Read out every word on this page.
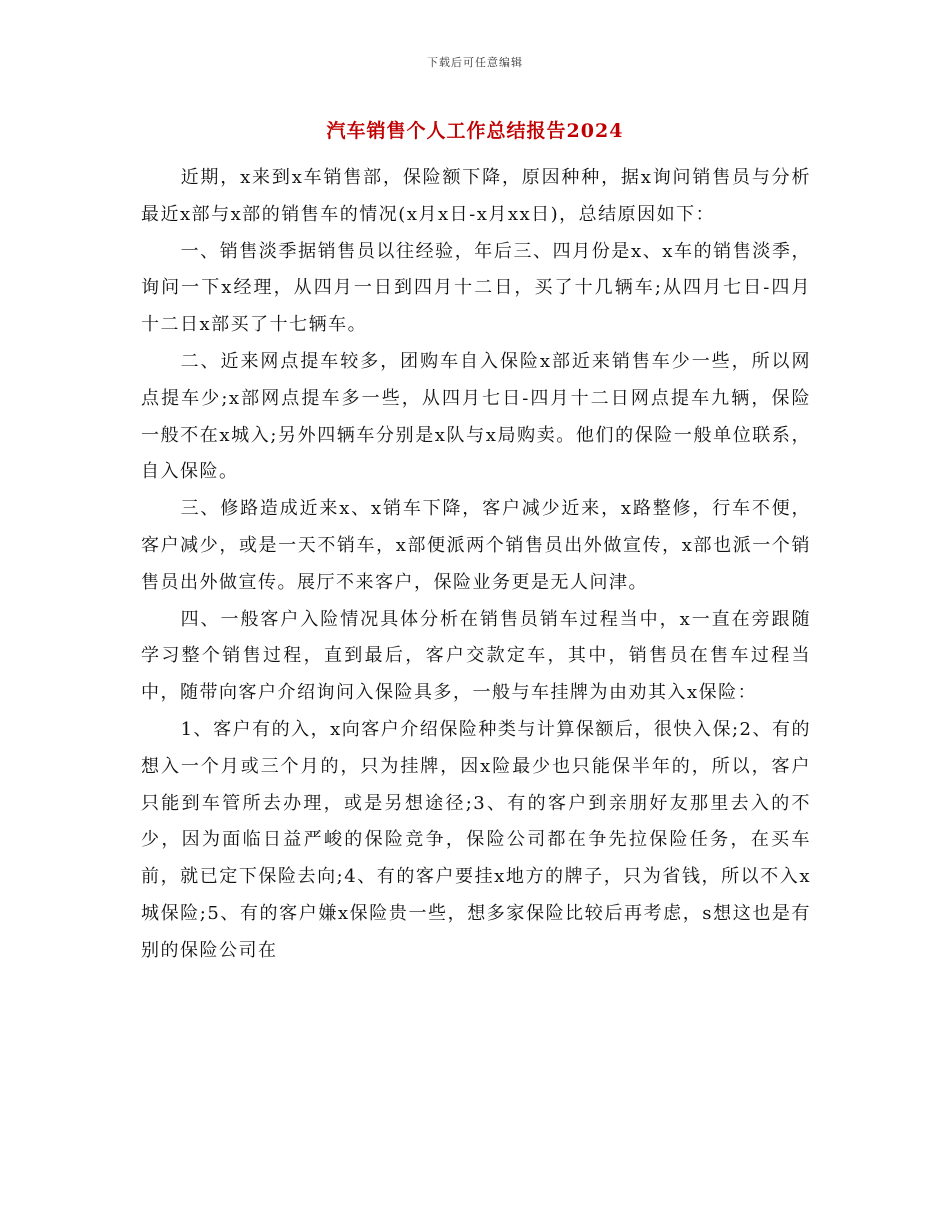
下载后可任意编辑
汽车销售个人工作总结报告2024

近期，x来到x车销售部，保险额下降，原因种种，据x询问销售员与分析最近x部与x部的销售车的情况(x月x日-x月xx日)，总结原因如下：

一、销售淡季据销售员以往经验，年后三、四月份是x、x车的销售淡季，询问一下x经理，从四月一日到四月十二日，买了十几辆车;从四月七日-四月十二日x部买了十七辆车。

二、近来网点提车较多，团购车自入保险x部近来销售车少一些，所以网点提车少;x部网点提车多一些，从四月七日-四月十二日网点提车九辆，保险一般不在x城入;另外四辆车分别是x队与x局购卖。他们的保险一般单位联系，自入保险。

三、修路造成近来x、x销车下降，客户减少近来，x路整修，行车不便，客户减少，或是一天不销车，x部便派两个销售员出外做宣传，x部也派一个销售员出外做宣传。展厅不来客户，保险业务更是无人问津。

四、一般客户入险情况具体分析在销售员销车过程当中，x一直在旁跟随学习整个销售过程，直到最后，客户交款定车，其中，销售员在售车过程当中，随带向客户介绍询问入保险具多，一般与车挂牌为由劝其入x保险：

1、客户有的入，x向客户介绍保险种类与计算保额后，很快入保;2、有的想入一个月或三个月的，只为挂牌，因x险最少也只能保半年的，所以，客户只能到车管所去办理，或是另想途径;3、有的客户到亲朋好友那里去入的不少，因为面临日益严峻的保险竞争，保险公司都在争先拉保险任务，在买车前，就已定下保险去向;4、有的客户要挂x地方的牌子，只为省钱，所以不入x城保险;5、有的客户嫌x保险贵一些，想多家保险比较后再考虑，s想这也是有别的保险公司在
